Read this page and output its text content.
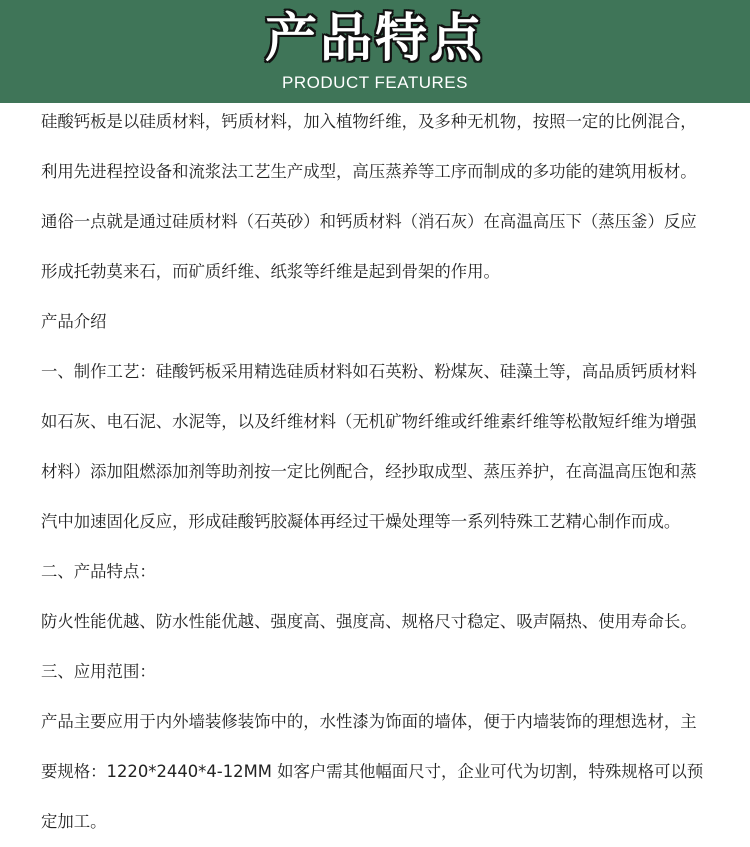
产品特点
PRODUCT FEATURES
硅酸钙板是以硅质材料，钙质材料，加入植物纤维，及多种无机物，按照一定的比例混合，
利用先进程控设备和流浆法工艺生产成型，高压蒸养等工序而制成的多功能的建筑用板材。
通俗一点就是通过硅质材料（石英砂）和钙质材料（消石灰）在高温高压下（蒸压釜）反应
形成托勃莫来石，而矿质纤维、纸浆等纤维是起到骨架的作用。
产品介绍
一、制作工艺：硅酸钙板采用精选硅质材料如石英粉、粉煤灰、硅藻土等，高品质钙质材料
如石灰、电石泥、水泥等，以及纤维材料（无机矿物纤维或纤维素纤维等松散短纤维为增强
材料）添加阻燃添加剂等助剂按一定比例配合，经抄取成型、蒸压养护，在高温高压饱和蒸
汽中加速固化反应，形成硅酸钙胶凝体再经过干燥处理等一系列特殊工艺精心制作而成。
二、产品特点：
防火性能优越、防水性能优越、强度高、强度高、规格尺寸稳定、吸声隔热、使用寿命长。
三、应用范围：
产品主要应用于内外墙装修装饰中的，水性漆为饰面的墙体，便于内墙装饰的理想选材，主
要规格：1220*2440*4-12MM 如客户需其他幅面尺寸，企业可代为切割，特殊规格可以预
定加工。
